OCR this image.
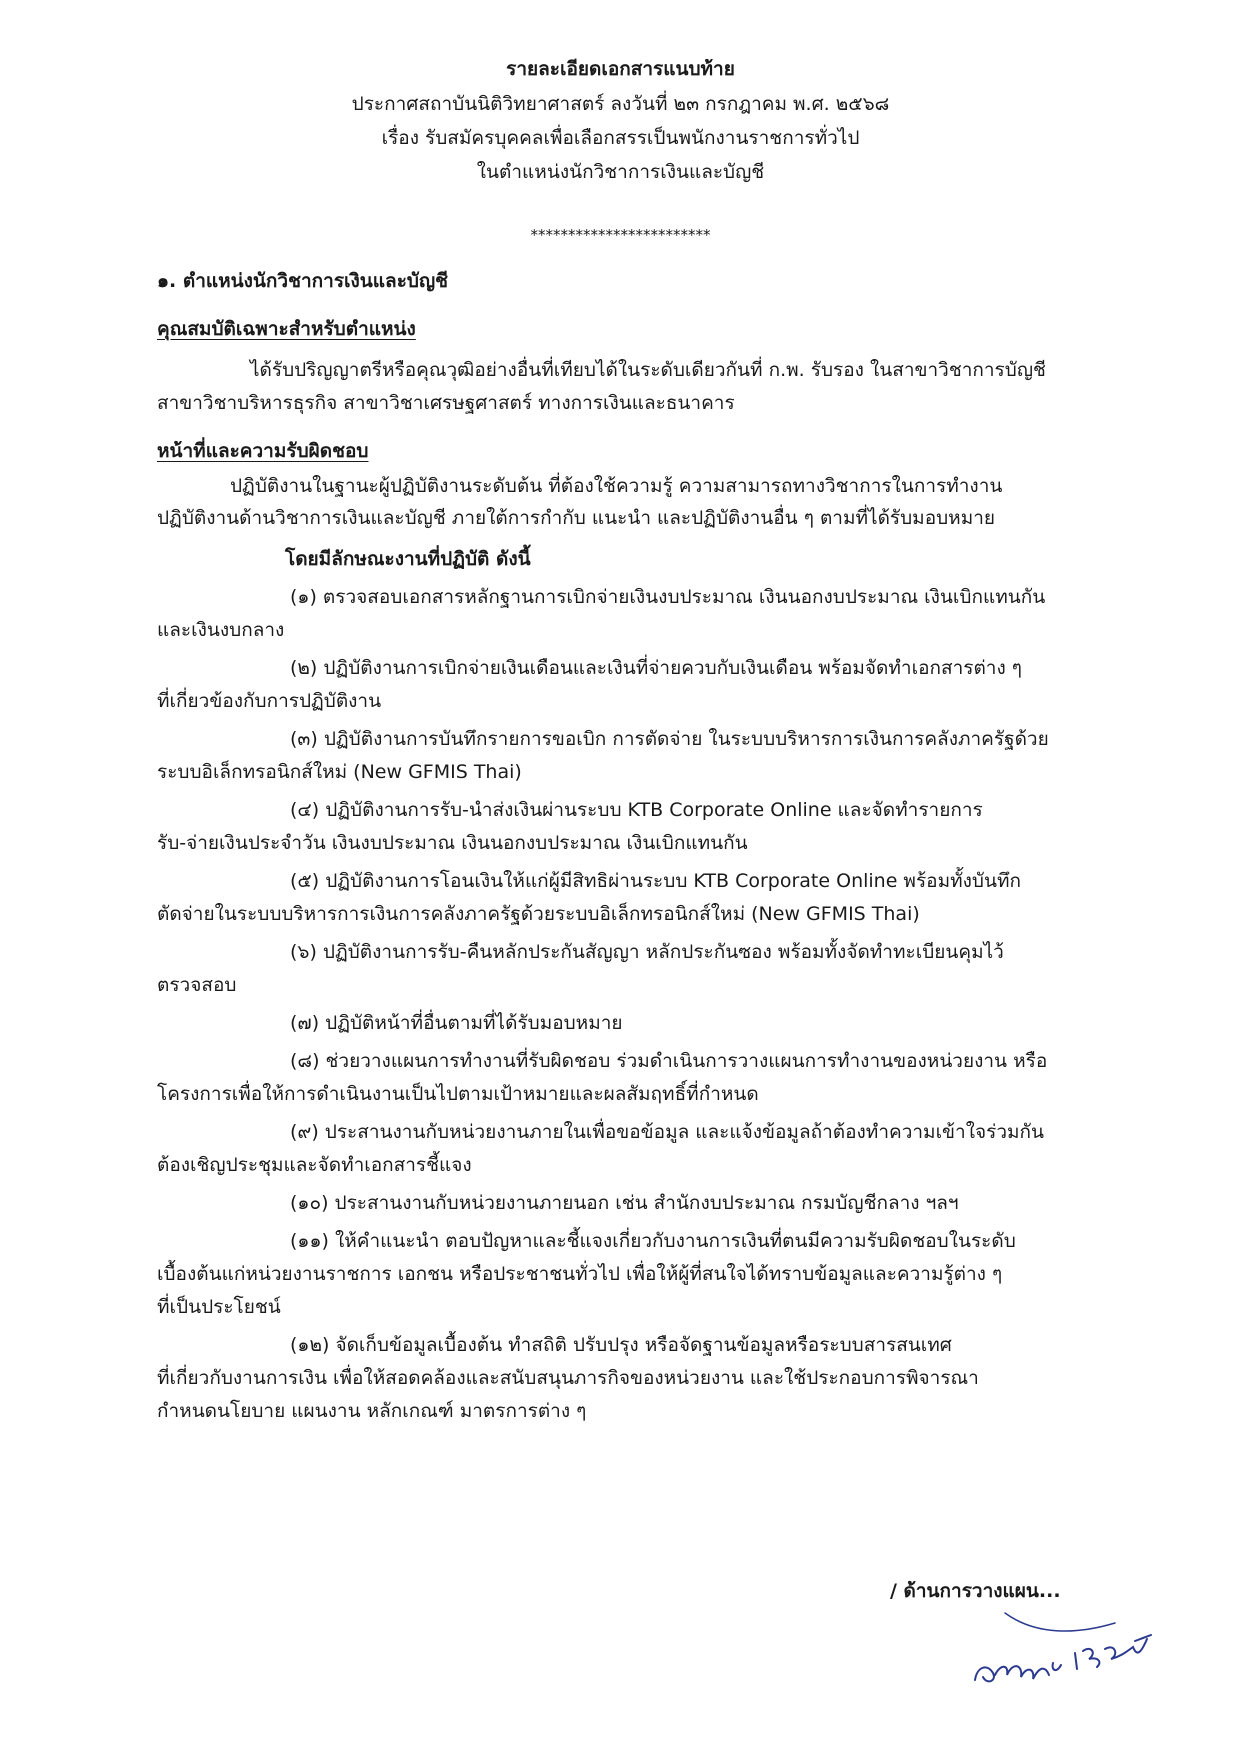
รายละเอียดเอกสารแนบท้าย
ประกาศสถาบันนิติวิทยาศาสตร์ ลงวันที่ ๒๓ กรกฎาคม พ.ศ. ๒๕๖๘
เรื่อง รับสมัครบุคคลเพื่อเลือกสรรเป็นพนักงานราชการทั่วไป
ในตำแหน่งนักวิชาการเงินและบัญชี
************************
๑. ตำแหน่งนักวิชาการเงินและบัญชี
คุณสมบัติเฉพาะสำหรับตำแหน่ง
ได้รับปริญญาตรีหรือคุณวุฒิอย่างอื่นที่เทียบได้ในระดับเดียวกันที่ ก.พ. รับรอง ในสาขาวิชาการบัญชี
สาขาวิชาบริหารธุรกิจ สาขาวิชาเศรษฐศาสตร์ ทางการเงินและธนาคาร
หน้าที่และความรับผิดชอบ
ปฏิบัติงานในฐานะผู้ปฏิบัติงานระดับต้น ที่ต้องใช้ความรู้ ความสามารถทางวิชาการในการทำงาน
ปฏิบัติงานด้านวิชาการเงินและบัญชี ภายใต้การกำกับ แนะนำ และปฏิบัติงานอื่น ๆ ตามที่ได้รับมอบหมาย
โดยมีลักษณะงานที่ปฏิบัติ ดังนี้
(๑) ตรวจสอบเอกสารหลักฐานการเบิกจ่ายเงินงบประมาณ เงินนอกงบประมาณ เงินเบิกแทนกัน
และเงินงบกลาง
(๒) ปฏิบัติงานการเบิกจ่ายเงินเดือนและเงินที่จ่ายควบกับเงินเดือน พร้อมจัดทำเอกสารต่าง ๆ
ที่เกี่ยวข้องกับการปฏิบัติงาน
(๓) ปฏิบัติงานการบันทึกรายการขอเบิก การตัดจ่าย ในระบบบริหารการเงินการคลังภาครัฐด้วย
ระบบอิเล็กทรอนิกส์ใหม่ (New GFMIS Thai)
(๔) ปฏิบัติงานการรับ-นำส่งเงินผ่านระบบ KTB Corporate Online และจัดทำรายการ
รับ-จ่ายเงินประจำวัน เงินงบประมาณ เงินนอกงบประมาณ เงินเบิกแทนกัน
(๕) ปฏิบัติงานการโอนเงินให้แก่ผู้มีสิทธิผ่านระบบ KTB Corporate Online พร้อมทั้งบันทึก
ตัดจ่ายในระบบบริหารการเงินการคลังภาครัฐด้วยระบบอิเล็กทรอนิกส์ใหม่ (New GFMIS Thai)
(๖) ปฏิบัติงานการรับ-คืนหลักประกันสัญญา หลักประกันซอง พร้อมทั้งจัดทำทะเบียนคุมไว้
ตรวจสอบ
(๗) ปฏิบัติหน้าที่อื่นตามที่ได้รับมอบหมาย
(๘) ช่วยวางแผนการทำงานที่รับผิดชอบ ร่วมดำเนินการวางแผนการทำงานของหน่วยงาน หรือ
โครงการเพื่อให้การดำเนินงานเป็นไปตามเป้าหมายและผลสัมฤทธิ์ที่กำหนด
(๙) ประสานงานกับหน่วยงานภายในเพื่อขอข้อมูล และแจ้งข้อมูลถ้าต้องทำความเข้าใจร่วมกัน
ต้องเชิญประชุมและจัดทำเอกสารชี้แจง
(๑๐) ประสานงานกับหน่วยงานภายนอก เช่น สำนักงบประมาณ กรมบัญชีกลาง ฯลฯ
(๑๑) ให้คำแนะนำ ตอบปัญหาและชี้แจงเกี่ยวกับงานการเงินที่ตนมีความรับผิดชอบในระดับ
เบื้องต้นแก่หน่วยงานราชการ เอกชน หรือประชาชนทั่วไป เพื่อให้ผู้ที่สนใจได้ทราบข้อมูลและความรู้ต่าง ๆ
ที่เป็นประโยชน์
(๑๒) จัดเก็บข้อมูลเบื้องต้น ทำสถิติ ปรับปรุง หรือจัดฐานข้อมูลหรือระบบสารสนเทศ
ที่เกี่ยวกับงานการเงิน เพื่อให้สอดคล้องและสนับสนุนภารกิจของหน่วยงาน และใช้ประกอบการพิจารณา
กำหนดนโยบาย แผนงาน หลักเกณฑ์ มาตรการต่าง ๆ
/ ด้านการวางแผน...
